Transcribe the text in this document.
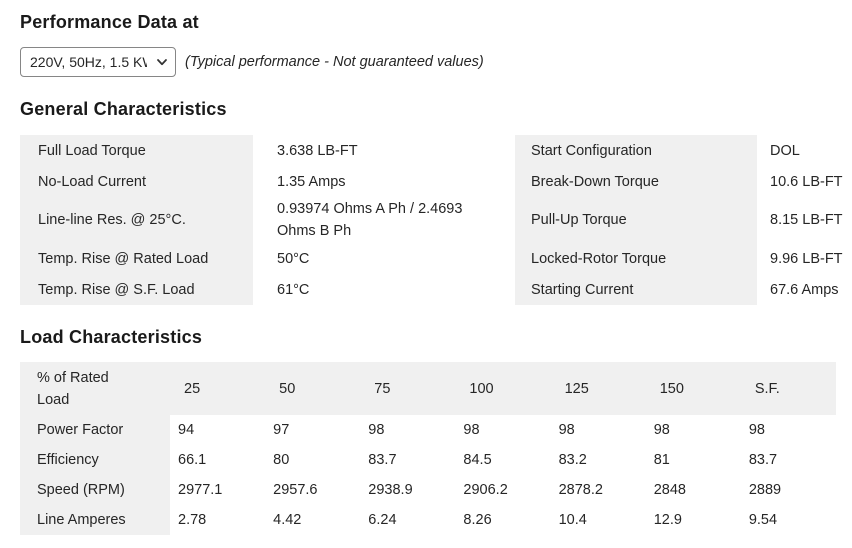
Performance Data at
220V, 50Hz, 1.5 KW
(Typical performance - Not guaranteed values)
General Characteristics
Full Load Torque	3.638 LB-FT	Start Configuration	DOL
No-Load Current	1.35 Amps	Break-Down Torque	10.6 LB-FT
Line-line Res. @ 25°C.	0.93974 Ohms A Ph / 2.4693 Ohms B Ph	Pull-Up Torque	8.15 LB-FT
Temp. Rise @ Rated Load	50°C	Locked-Rotor Torque	9.96 LB-FT
Temp. Rise @ S.F. Load	61°C	Starting Current	67.6 Amps
Load Characteristics
% of Rated Load	25	50	75	100	125	150	S.F.
Power Factor	94	97	98	98	98	98	98
Efficiency	66.1	80	83.7	84.5	83.2	81	83.7
Speed (RPM)	2977.1	2957.6	2938.9	2906.2	2878.2	2848	2889
Line Amperes	2.78	4.42	6.24	8.26	10.4	12.9	9.54
